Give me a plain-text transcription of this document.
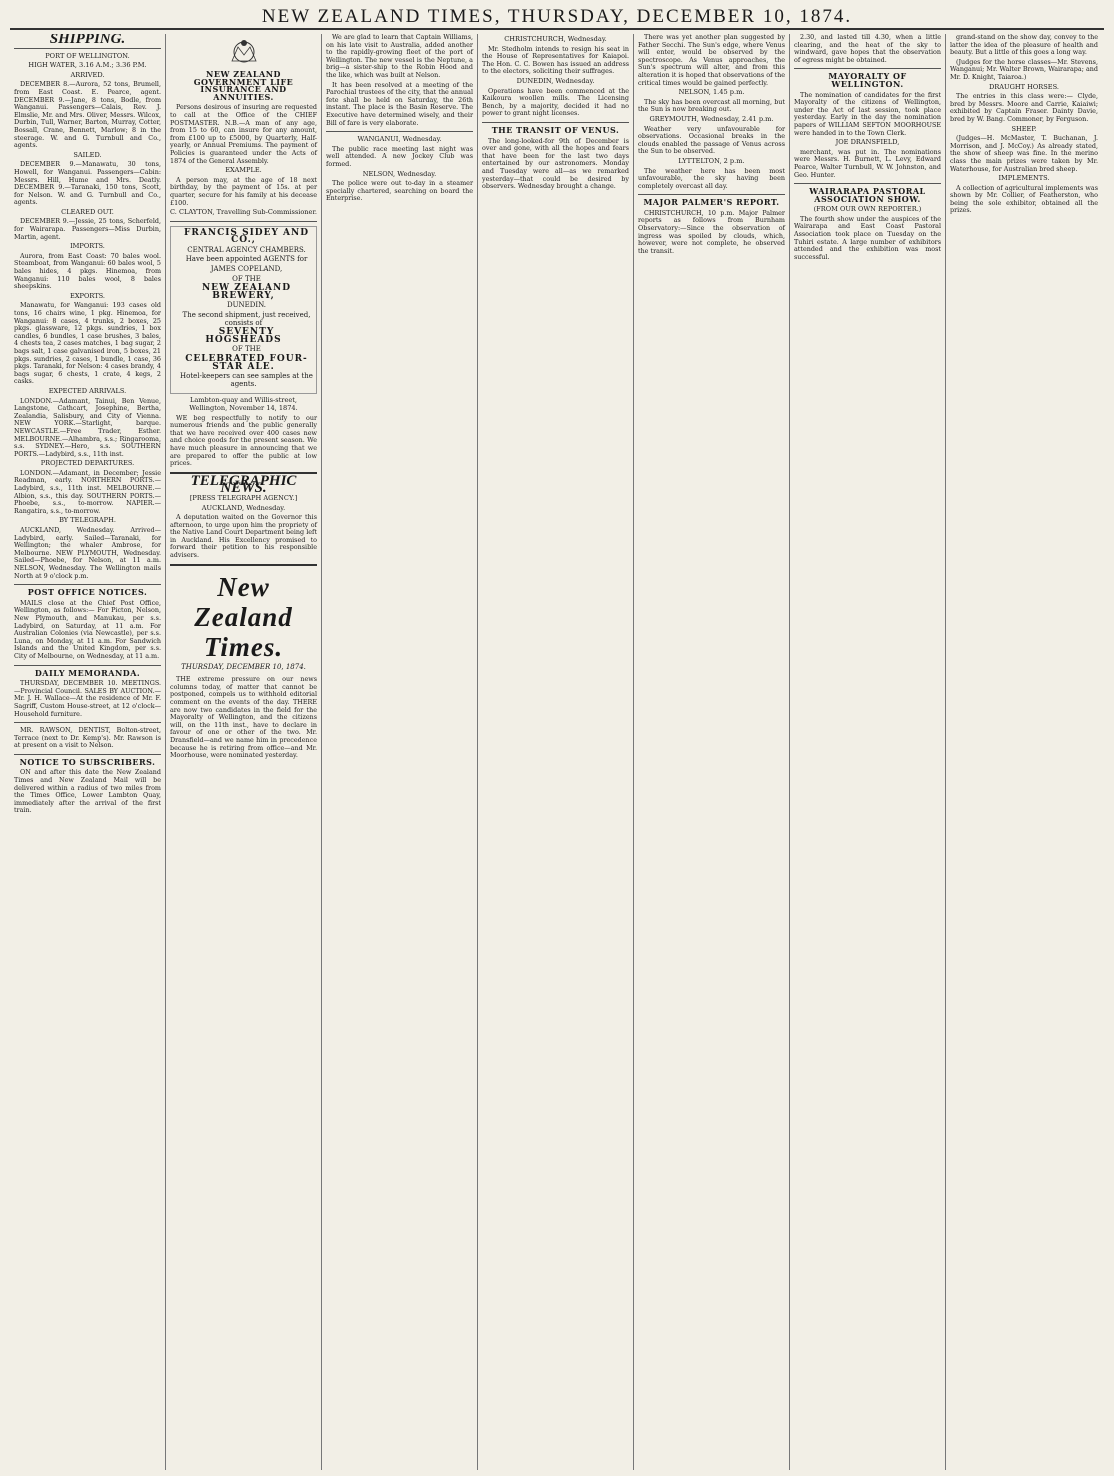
NEW ZEALAND TIMES, THURSDAY, DECEMBER 10, 1874.
SHIPPING.

PORT OF WELLINGTON.

HIGH WATER, 3.16 A.M.; 3.36 P.M.

ARRIVED.

DECEMBER 8.—Aurora, 52 tons, Brumell, from East Coast. E. Pearce, agent. DECEMBER 9.—Jane, 8 tons, Bodle, from Wanganui. Passengers—Calais, Rev. J. Elmslie, Mr. and Mrs. Oliver, Messrs. Wilcox, Durbin, Tull, Warner, Barton, Murray, Cotter, Bossall, Crane, Bennett, Marlow; 8 in the steerage. W. and G. Turnbull and Co., agents.

SAILED.

DECEMBER 9.—Manawatu, 30 tons, Howell, for Wanganui. Passengers—Cabin: Messrs. Hill, Hume and Mrs. Deatly. DECEMBER 9.—Taranaki, 150 tons, Scott, for Nelson. W. and G. Turnbull and Co., agents.

CLEARED OUT.

DECEMBER 9.—Jessie, 25 tons, Scherfeld, for Wairarapa. Passengers—Miss Durbin, Martin, agent.

IMPORTS.

Aurora, from East Coast: 70 bales wool. Steamboat, from Wanganui: 60 bales wool, 5 bales hides, 4 pkgs. Hinemoa, from Wanganui: 110 bales wool, 8 bales sheepskins.

EXPORTS.

Manawatu, for Wanganui: 193 cases old tons, 16 chairs wine, 1 pkg. Hinemoa, for Wanganui: 8 cases, 4 trunks, 2 boxes, 25 pkgs. glassware, 12 pkgs. sundries, 1 box candles, 6 bundles, 1 case brushes, 3 bales, 4 chests tea, 2 cases matches, 1 bag sugar, 2 bags salt, 1 case galvanised iron, 5 boxes, 21 pkgs. sundries, 2 cases, 1 bundle, 1 case, 36 pkgs. Taranaki, for Nelson: 4 cases brandy, 4 bags sugar, 6 chests, 1 crate, 4 kegs, 2 casks.

EXPECTED ARRIVALS.

LONDON.—Adamant, Tainui, Ben Venue, Langstone, Cathcart, Josephine, Bertha, Zealandia, Salisbury, and City of Vienna. NEW YORK.—Starlight, barque. NEWCASTLE.—Free Trader, Esther. MELBOURNE.—Alhambra, s.s.; Ringarooma, s.s. SYDNEY.—Hero, s.s. SOUTHERN PORTS.—Ladybird, s.s., 11th inst.

PROJECTED DEPARTURES.

LONDON.—Adamant, in December; Jessie Readman, early. NORTHERN PORTS.—Ladybird, s.s., 11th inst. MELBOURNE.—Albion, s.s., this day. SOUTHERN PORTS.—Phoebe, s.s., to-morrow. NAPIER.—Rangatira, s.s., to-morrow.

BY TELEGRAPH.

AUCKLAND, Wednesday. Arrived—Ladybird, early. Sailed—Taranaki, for Wellington; the whaler Ambrose, for Melbourne. NEW PLYMOUTH, Wednesday. Sailed—Phoebe, for Nelson, at 11 a.m. NELSON, Wednesday. The Wellington mails North at 9 o'clock p.m.

POST OFFICE NOTICES.

MAILS close at the Chief Post Office, Wellington, as follows:— For Picton, Nelson, New Plymouth, and Manukau, per s.s. Ladybird, on Saturday, at 11 a.m. For Australian Colonies (via Newcastle), per s.s. Luna, on Monday, at 11 a.m. For Sandwich Islands and the United Kingdom, per s.s. City of Melbourne, on Wednesday, at 11 a.m.

DAILY MEMORANDA.

THURSDAY, DECEMBER 10. MEETINGS.—Provincial Council. SALES BY AUCTION.—Mr. J. H. Wallace—At the residence of Mr. F. Sagriff, Custom House-street, at 12 o'clock—Household furniture.

MR. RAWSON, DENTIST, Bolton-street, Terrace (next to Dr. Kemp's). Mr. Rawson is at present on a visit to Nelson.

NOTICE TO SUBSCRIBERS.

ON and after this date the New Zealand Times and New Zealand Mail will be delivered within a radius of two miles from the Times Office, Lower Lambton Quay, immediately after the arrival of the first train.

NEW ZEALAND GOVERNMENT LIFE INSURANCE AND ANNUITIES.

Persons desirous of insuring are requested to call at the Office of the CHIEF POSTMASTER. N.B.—A man of any age, from 15 to 60, can insure for any amount, from £100 up to £5000, by Quarterly, Half-yearly, or Annual Premiums. The payment of Policies is guaranteed under the Acts of 1874 of the General Assembly.

EXAMPLE.

A person may, at the age of 18 next birthday, by the payment of 15s. at per quarter, secure for his family at his decease £100.

C. CLAYTON, Travelling Sub-Commissioner.

FRANCIS SIDEY AND CO.,

CENTRAL AGENCY CHAMBERS.

Have been appointed AGENTS for

JAMES COPELAND,

OF THE

NEW ZEALAND BREWERY,

DUNEDIN.

The second shipment, just received, consists of

SEVENTY HOGSHEADS

OF THE

CELEBRATED FOUR-STAR ALE.

Hotel-keepers can see samples at the agents.

Lambton-quay and Willis-street, Wellington, November 14, 1874.

WE beg respectfully to notify to our numerous friends and the public generally that we have received over 400 cases new and choice goods for the present season. We have much pleasure in announcing that we are prepared to offer the public at low prices.

TELEGRAPHIC NEWS.

[PRESS TELEGRAPH AGENCY.]

AUCKLAND, Wednesday.

A deputation waited on the Governor this afternoon, to urge upon him the propriety of the Native Land Court Department being left in Auckland. His Excellency promised to forward their petition to his responsible advisers.

New Zealand Times.
THURSDAY, DECEMBER 10, 1874.

THE extreme pressure on our news columns today, of matter that cannot be postponed, compels us to withhold editorial comment on the events of the day. THERE are now two candidates in the field for the Mayoralty of Wellington, and the citizens will, on the 11th inst., have to declare in favour of one or other of the two. Mr. Dransfield—and we name him in precedence because he is retiring from office—and Mr. Moorhouse, were nominated yesterday.

We are glad to learn that Captain Williams, on his late visit to Australia, added another to the rapidly-growing fleet of the port of Wellington. The new vessel is the Neptune, a brig—a sister-ship to the Robin Hood and the like, which was built at Nelson.

It has been resolved at a meeting of the Parochial trustees of the city, that the annual fete shall be held on Saturday, the 26th instant. The place is the Basin Reserve. The Executive have determined wisely, and their Bill of fare is very elaborate.

WANGANUI, Wednesday.

The public race meeting last night was well attended. A new Jockey Club was formed.

NELSON, Wednesday.

The police were out to-day in a steamer specially chartered, searching on board the Enterprise.

CHRISTCHURCH, Wednesday.

Mr. Stedholm intends to resign his seat in the House of Representatives for Kaiapoi. The Hon. C. C. Bowen has issued an address to the electors, soliciting their suffrages.

DUNEDIN, Wednesday.

Operations have been commenced at the Kaikoura woollen mills. The Licensing Bench, by a majority, decided it had no power to grant night licenses.

THE TRANSIT OF VENUS.

The long-looked-for 9th of December is over and gone, with all the hopes and fears that have been for the last two days entertained by our astronomers. Monday and Tuesday were all—as we remarked yesterday—that could be desired by observers. Wednesday brought a change.

There was yet another plan suggested by Father Secchi. The Sun's edge, where Venus will enter, would be observed by the spectroscope. As Venus approaches, the Sun's spectrum will alter, and from this alteration it is hoped that observations of the critical times would be gained perfectly.

NELSON, 1.45 p.m.

The sky has been overcast all morning, but the Sun is now breaking out.

GREYMOUTH, Wednesday, 2.41 p.m.

Weather very unfavourable for observations. Occasional breaks in the clouds enabled the passage of Venus across the Sun to be observed.

LYTTELTON, 2 p.m.

The weather here has been most unfavourable, the sky having been completely overcast all day.

MAJOR PALMER'S REPORT.

CHRISTCHURCH, 10 p.m. Major Palmer reports as follows from Burnham Observatory:—Since the observation of ingress was spoiled by clouds, which, however, were not complete, he observed the transit.

2.30, and lasted till 4.30, when a little clearing, and the heat of the sky to windward, gave hopes that the observation of egress might be obtained.

MAYORALTY OF WELLINGTON.

The nomination of candidates for the first Mayoralty of the citizens of Wellington, under the Act of last session, took place yesterday. Early in the day the nomination papers of WILLIAM SEFTON MOORHOUSE were handed in to the Town Clerk.

JOE DRANSFIELD,

merchant, was put in. The nominations were Messrs. H. Burnett, L. Levy, Edward Pearce, Walter Turnbull, W. W. Johnston, and Geo. Hunter.

WAIRARAPA PASTORAL ASSOCIATION SHOW.

(FROM OUR OWN REPORTER.)

The fourth show under the auspices of the Wairarapa and East Coast Pastoral Association took place on Tuesday on the Tuhiri estate. A large number of exhibitors attended and the exhibition was most successful.

grand-stand on the show day, convey to the latter the idea of the pleasure of health and beauty. But a little of this goes a long way.

(Judges for the horse classes—Mr. Stevens, Wanganui; Mr. Walter Brown, Wairarapa; and Mr. D. Knight, Taiaroa.)

DRAUGHT HORSES.

The entries in this class were:— Clyde, bred by Messrs. Moore and Carrie, Kaiaiwi; exhibited by Captain Fraser. Dainty Davie, bred by W. Bang. Commoner, by Ferguson.

SHEEP.

(Judges—H. McMaster, T. Buchanan, J. Morrison, and J. McCoy.) As already stated, the show of sheep was fine. In the merino class the main prizes were taken by Mr. Waterhouse, for Australian bred sheep.

IMPLEMENTS.

A collection of agricultural implements was shown by Mr. Collier, of Featherston, who being the sole exhibitor, obtained all the prizes.
